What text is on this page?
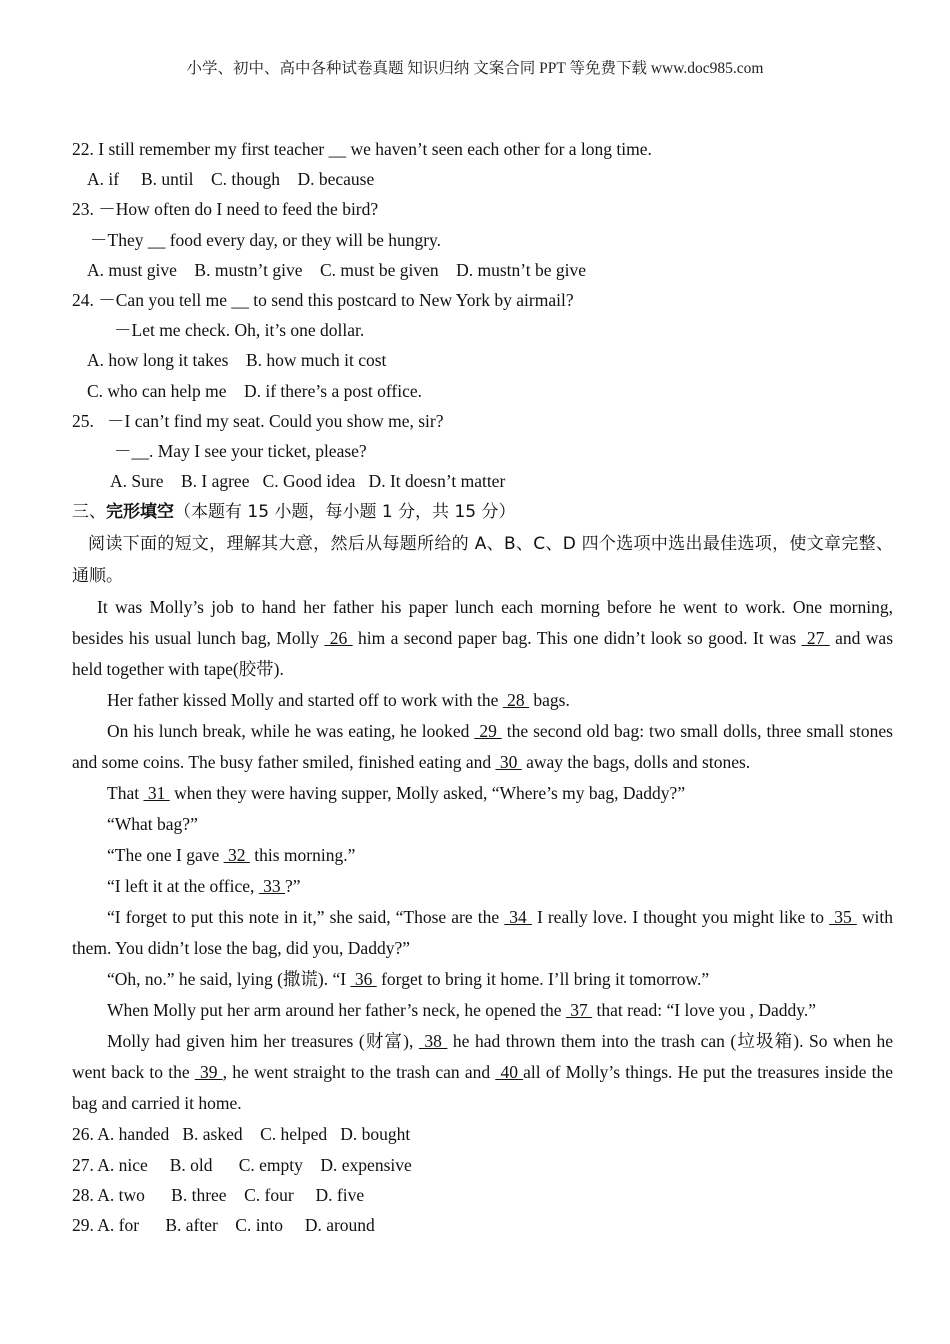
小学、初中、高中各种试卷真题 知识归纳 文案合同 PPT 等免费下载 www.doc985.com
22. I still remember my first teacher __ we haven’t seen each other for a long time.
A. if     B. until    C. though    D. because
23. －How often do I need to feed the bird?
－They __ food every day, or they will be hungry.
A. must give    B. mustn’t give    C. must be given    D. mustn’t be give
24. －Can you tell me __ to send this postcard to New York by airmail?
－Let me check. Oh, it’s one dollar.
A. how long it takes    B. how much it cost
C. who can help me    D. if there’s a post office.
25.   －I can’t find my seat. Could you show me, sir?
－__. May I see your ticket, please?
A. Sure    B. I agree   C. Good idea   D. It doesn’t matter
三、完形填空（本题有 15 小题，每小题 1 分，共 15 分）
阅读下面的短文，理解其大意，然后从每题所给的 A、B、C、D 四个选项中选出最佳选项，使文章完整、通顺。
It was Molly’s job to hand her father his paper lunch each morning before he went to work. One morning, besides his usual lunch bag, Molly  26  him a second paper bag. This one didn’t look so good. It was  27  and was held together with tape(胶带).
Her father kissed Molly and started off to work with the  28  bags.
On his lunch break, while he was eating, he looked  29  the second old bag: two small dolls, three small stones and some coins. The busy father smiled, finished eating and  30  away the bags, dolls and stones.
That  31  when they were having supper, Molly asked, “Where’s my bag, Daddy?”
“What bag?”
“The one I gave  32  this morning.”
“I left it at the office,  33 ?”
“I forget to put this note in it,” she said, “Those are the  34  I really love. I thought you might like to  35  with them. You didn’t lose the bag, did you, Daddy?”
“Oh, no.” he said, lying (撒谎). “I  36  forget to bring it home. I’ll bring it tomorrow.”
When Molly put her arm around her father’s neck, he opened the  37  that read: “I love you , Daddy.”
Molly had given him her treasures (财富),  38  he had thrown them into the trash can (垃圾箱). So when he went back to the  39 , he went straight to the trash can and  40 all of Molly’s things. He put the treasures inside the bag and carried it home.
26. A. handed   B. asked    C. helped   D. bought
27. A. nice     B. old      C. empty    D. expensive
28. A. two      B. three    C. four     D. five
29. A. for      B. after    C. into     D. around
